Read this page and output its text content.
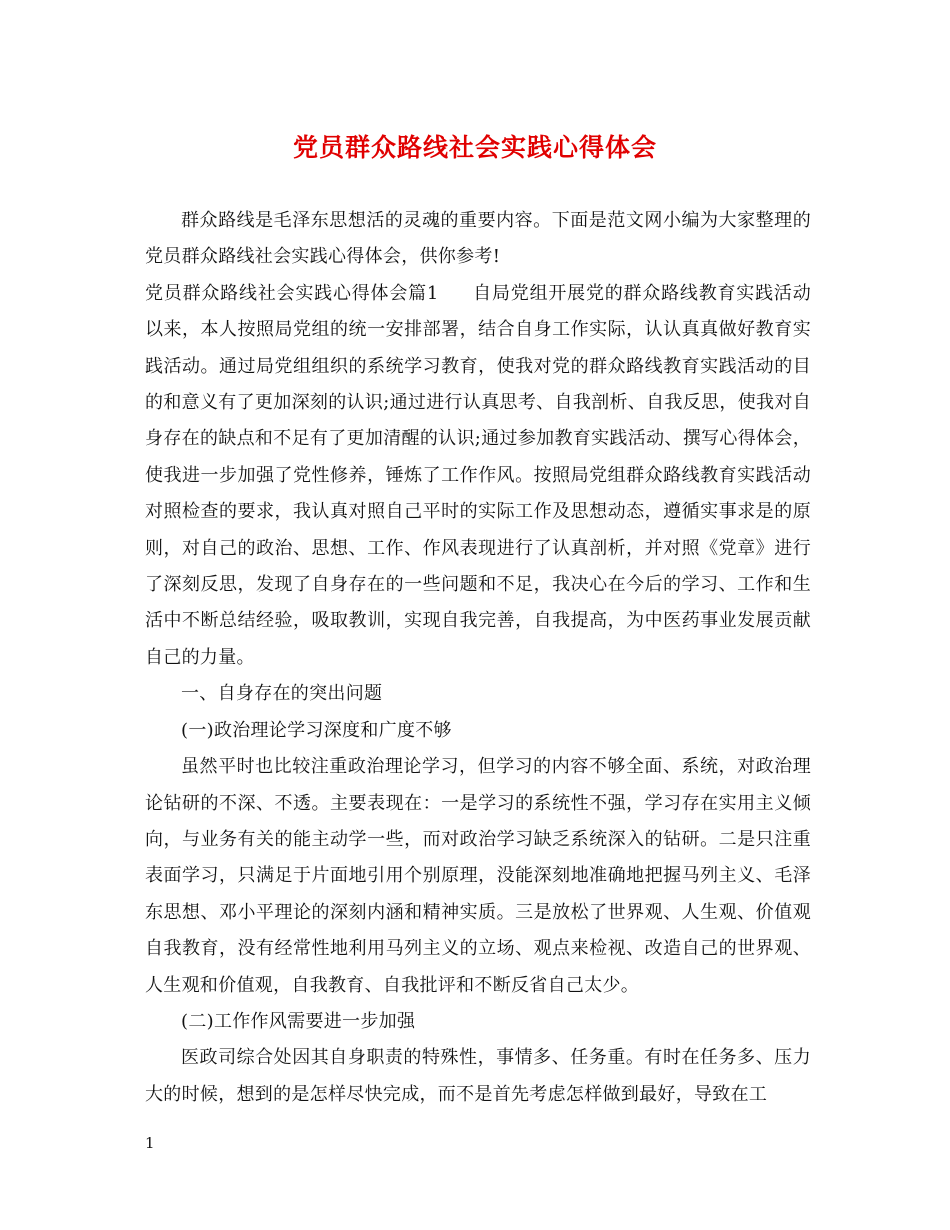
党员群众路线社会实践心得体会

群众路线是毛泽东思想活的灵魂的重要内容。下面是范文网小编为大家整理的党员群众路线社会实践心得体会，供你参考!

党员群众路线社会实践心得体会篇1 自局党组开展党的群众路线教育实践活动以来，本人按照局党组的统一安排部署，结合自身工作实际，认认真真做好教育实践活动。通过局党组组织的系统学习教育，使我对党的群众路线教育实践活动的目的和意义有了更加深刻的认识;通过进行认真思考、自我剖析、自我反思，使我对自身存在的缺点和不足有了更加清醒的认识;通过参加教育实践活动、撰写心得体会，使我进一步加强了党性修养，锤炼了工作作风。按照局党组群众路线教育实践活动对照检查的要求，我认真对照自己平时的实际工作及思想动态，遵循实事求是的原则，对自己的政治、思想、工作、作风表现进行了认真剖析，并对照《党章》进行了深刻反思，发现了自身存在的一些问题和不足，我决心在今后的学习、工作和生活中不断总结经验，吸取教训，实现自我完善，自我提高，为中医药事业发展贡献自己的力量。

一、自身存在的突出问题

(一)政治理论学习深度和广度不够

虽然平时也比较注重政治理论学习，但学习的内容不够全面、系统，对政治理论钻研的不深、不透。主要表现在：一是学习的系统性不强，学习存在实用主义倾向，与业务有关的能主动学一些，而对政治学习缺乏系统深入的钻研。二是只注重表面学习，只满足于片面地引用个别原理，没能深刻地准确地把握马列主义、毛泽东思想、邓小平理论的深刻内涵和精神实质。三是放松了世界观、人生观、价值观自我教育，没有经常性地利用马列主义的立场、观点来检视、改造自己的世界观、人生观和价值观，自我教育、自我批评和不断反省自己太少。

(二)工作作风需要进一步加强

医政司综合处因其自身职责的特殊性，事情多、任务重。有时在任务多、压力大的时候，想到的是怎样尽快完成，而不是首先考虑怎样做到最好，导致在工

1
